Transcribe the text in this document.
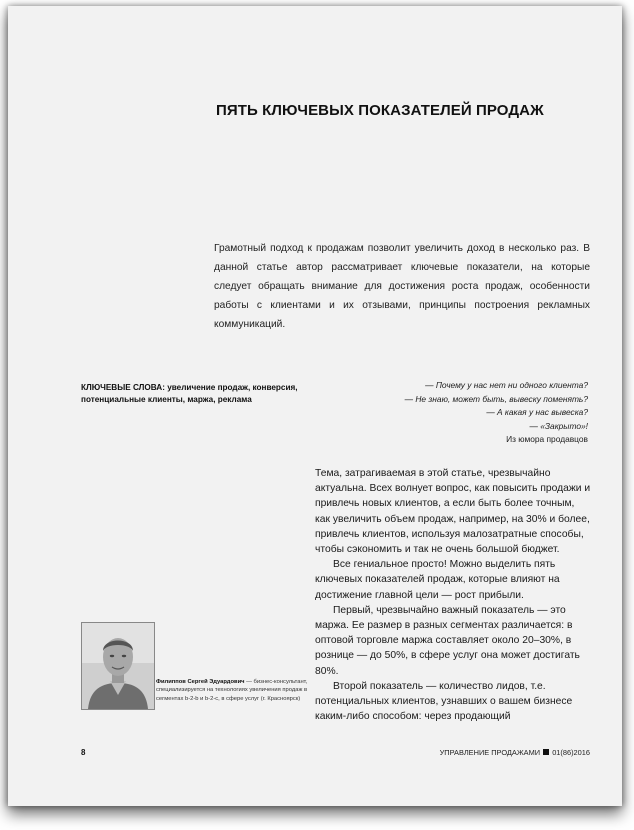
ПЯТЬ КЛЮЧЕВЫХ ПОКАЗАТЕЛЕЙ ПРОДАЖ
Грамотный подход к продажам позволит увеличить доход в несколько раз. В данной статье автор рассматривает ключевые показатели, на которые следует обращать внимание для достижения роста продаж, особенности работы с клиентами и их отзывами, принципы построения рекламных коммуникаций.
КЛЮЧЕВЫЕ СЛОВА: увеличение продаж, конверсия, потенциальные клиенты, маржа, реклама
— Почему у нас нет ни одного клиента?
— Не знаю, может быть, вывеску поменять?
— А какая у нас вывеска?
— «Закрыто»!
Из юмора продавцов

Тема, затрагиваемая в этой статье, чрезвычайно актуальна. Всех волнует вопрос, как повысить продажи и привлечь новых клиентов, а если быть более точным, как увеличить объем продаж, например, на 30% и более, привлечь клиентов, используя малозатратные способы, чтобы сэкономить и так не очень большой бюджет.

Все гениальное просто! Можно выделить пять ключевых показателей продаж, которые влияют на достижение главной цели — рост прибыли.

Первый, чрезвычайно важный показатель — это маржа. Ее размер в разных сегментах различается: в оптовой торговле маржа составляет около 20–30%, в рознице — до 50%, в сфере услуг она может достигать 80%.

Второй показатель — количество лидов, т.е. потенциальных клиентов, узнавших о вашем бизнесе каким-либо способом: через продающий

Филиппов Сергей Эдуардович — бизнес-консультант, специализируется на технологиях увеличения продаж в сегментах b-2-b и b-2-c, в сфере услуг (г. Красноярск)
8	УПРАВЛЕНИЕ ПРОДАЖАМИ 01(86)2016
